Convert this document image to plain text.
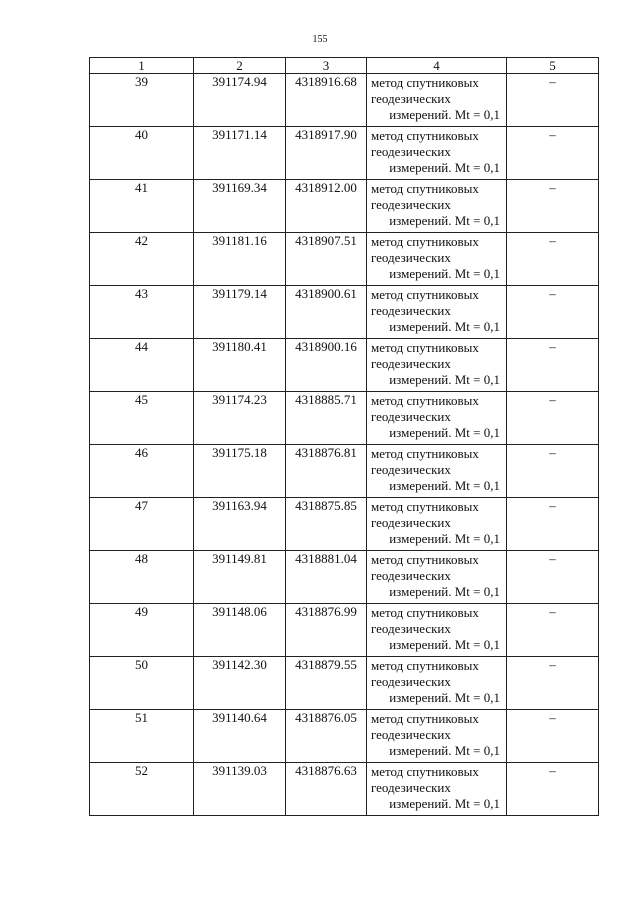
155
1	2	3	4	5
39	391174.94	4318916.68	метод спутниковых
геодезических
измерений. Mt = 0,1	–
40	391171.14	4318917.90	метод спутниковых
геодезических
измерений. Mt = 0,1	–
41	391169.34	4318912.00	метод спутниковых
геодезических
измерений. Mt = 0,1	–
42	391181.16	4318907.51	метод спутниковых
геодезических
измерений. Mt = 0,1	–
43	391179.14	4318900.61	метод спутниковых
геодезических
измерений. Mt = 0,1	–
44	391180.41	4318900.16	метод спутниковых
геодезических
измерений. Mt = 0,1	–
45	391174.23	4318885.71	метод спутниковых
геодезических
измерений. Mt = 0,1	–
46	391175.18	4318876.81	метод спутниковых
геодезических
измерений. Mt = 0,1	–
47	391163.94	4318875.85	метод спутниковых
геодезических
измерений. Mt = 0,1	–
48	391149.81	4318881.04	метод спутниковых
геодезических
измерений. Mt = 0,1	–
49	391148.06	4318876.99	метод спутниковых
геодезических
измерений. Mt = 0,1	–
50	391142.30	4318879.55	метод спутниковых
геодезических
измерений. Mt = 0,1	–
51	391140.64	4318876.05	метод спутниковых
геодезических
измерений. Mt = 0,1	–
52	391139.03	4318876.63	метод спутниковых
геодезических
измерений. Mt = 0,1	–
